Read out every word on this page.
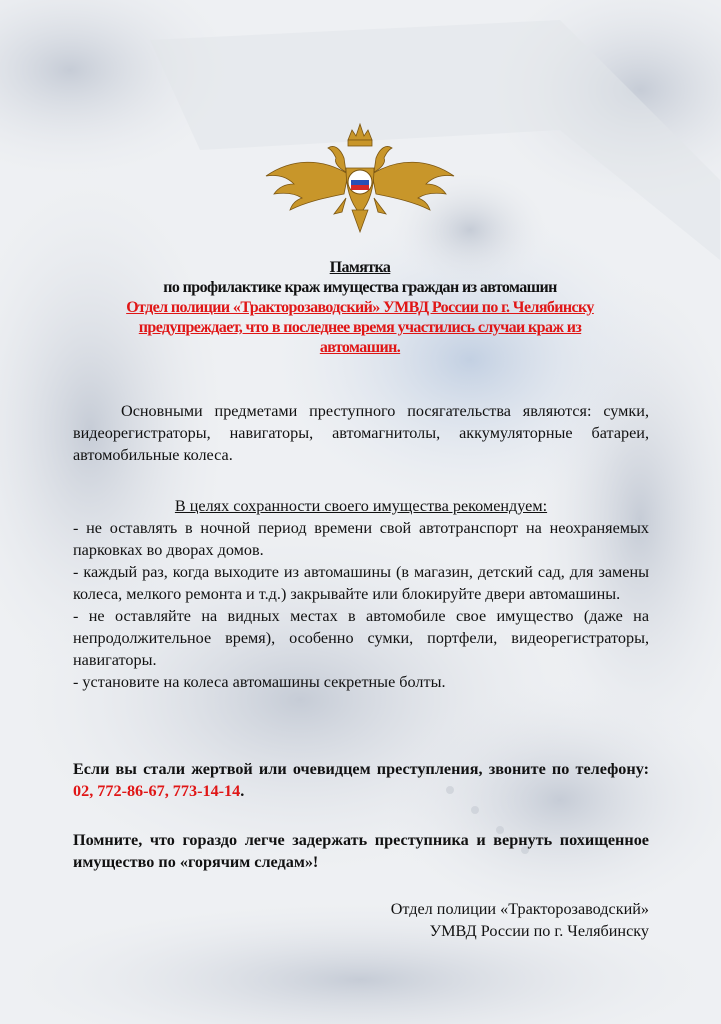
Памятка
по профилактике краж имущества граждан из автомашин
Отдел полиции «Тракторозаводский» УМВД России по г. Челябинску
предупреждает, что в последнее время участились случаи краж из
автомашин.

Основными предметами преступного посягательства являются: сумки, видеорегистраторы, навигаторы, автомагнитолы, аккумуляторные батареи, автомобильные колеса.

В целях сохранности своего имущества рекомендуем:

- не оставлять в ночной период времени свой автотранспорт на неохраняемых парковках во дворах домов.

- каждый раз, когда выходите из автомашины (в магазин, детский сад, для замены колеса, мелкого ремонта и т.д.) закрывайте или блокируйте двери автомашины.

- не оставляйте на видных местах в автомобиле свое имущество (даже на непродолжительное время), особенно сумки, портфели, видеорегистраторы, навигаторы.

- установите на колеса автомашины секретные болты.

Если вы стали жертвой или очевидцем преступления, звоните по телефону: 02, 772-86-67, 773-14-14.

Помните, что гораздо легче задержать преступника и вернуть похищенное имущество по «горячим следам»!

Отдел полиции «Тракторозаводский»
УМВД России по г. Челябинску
